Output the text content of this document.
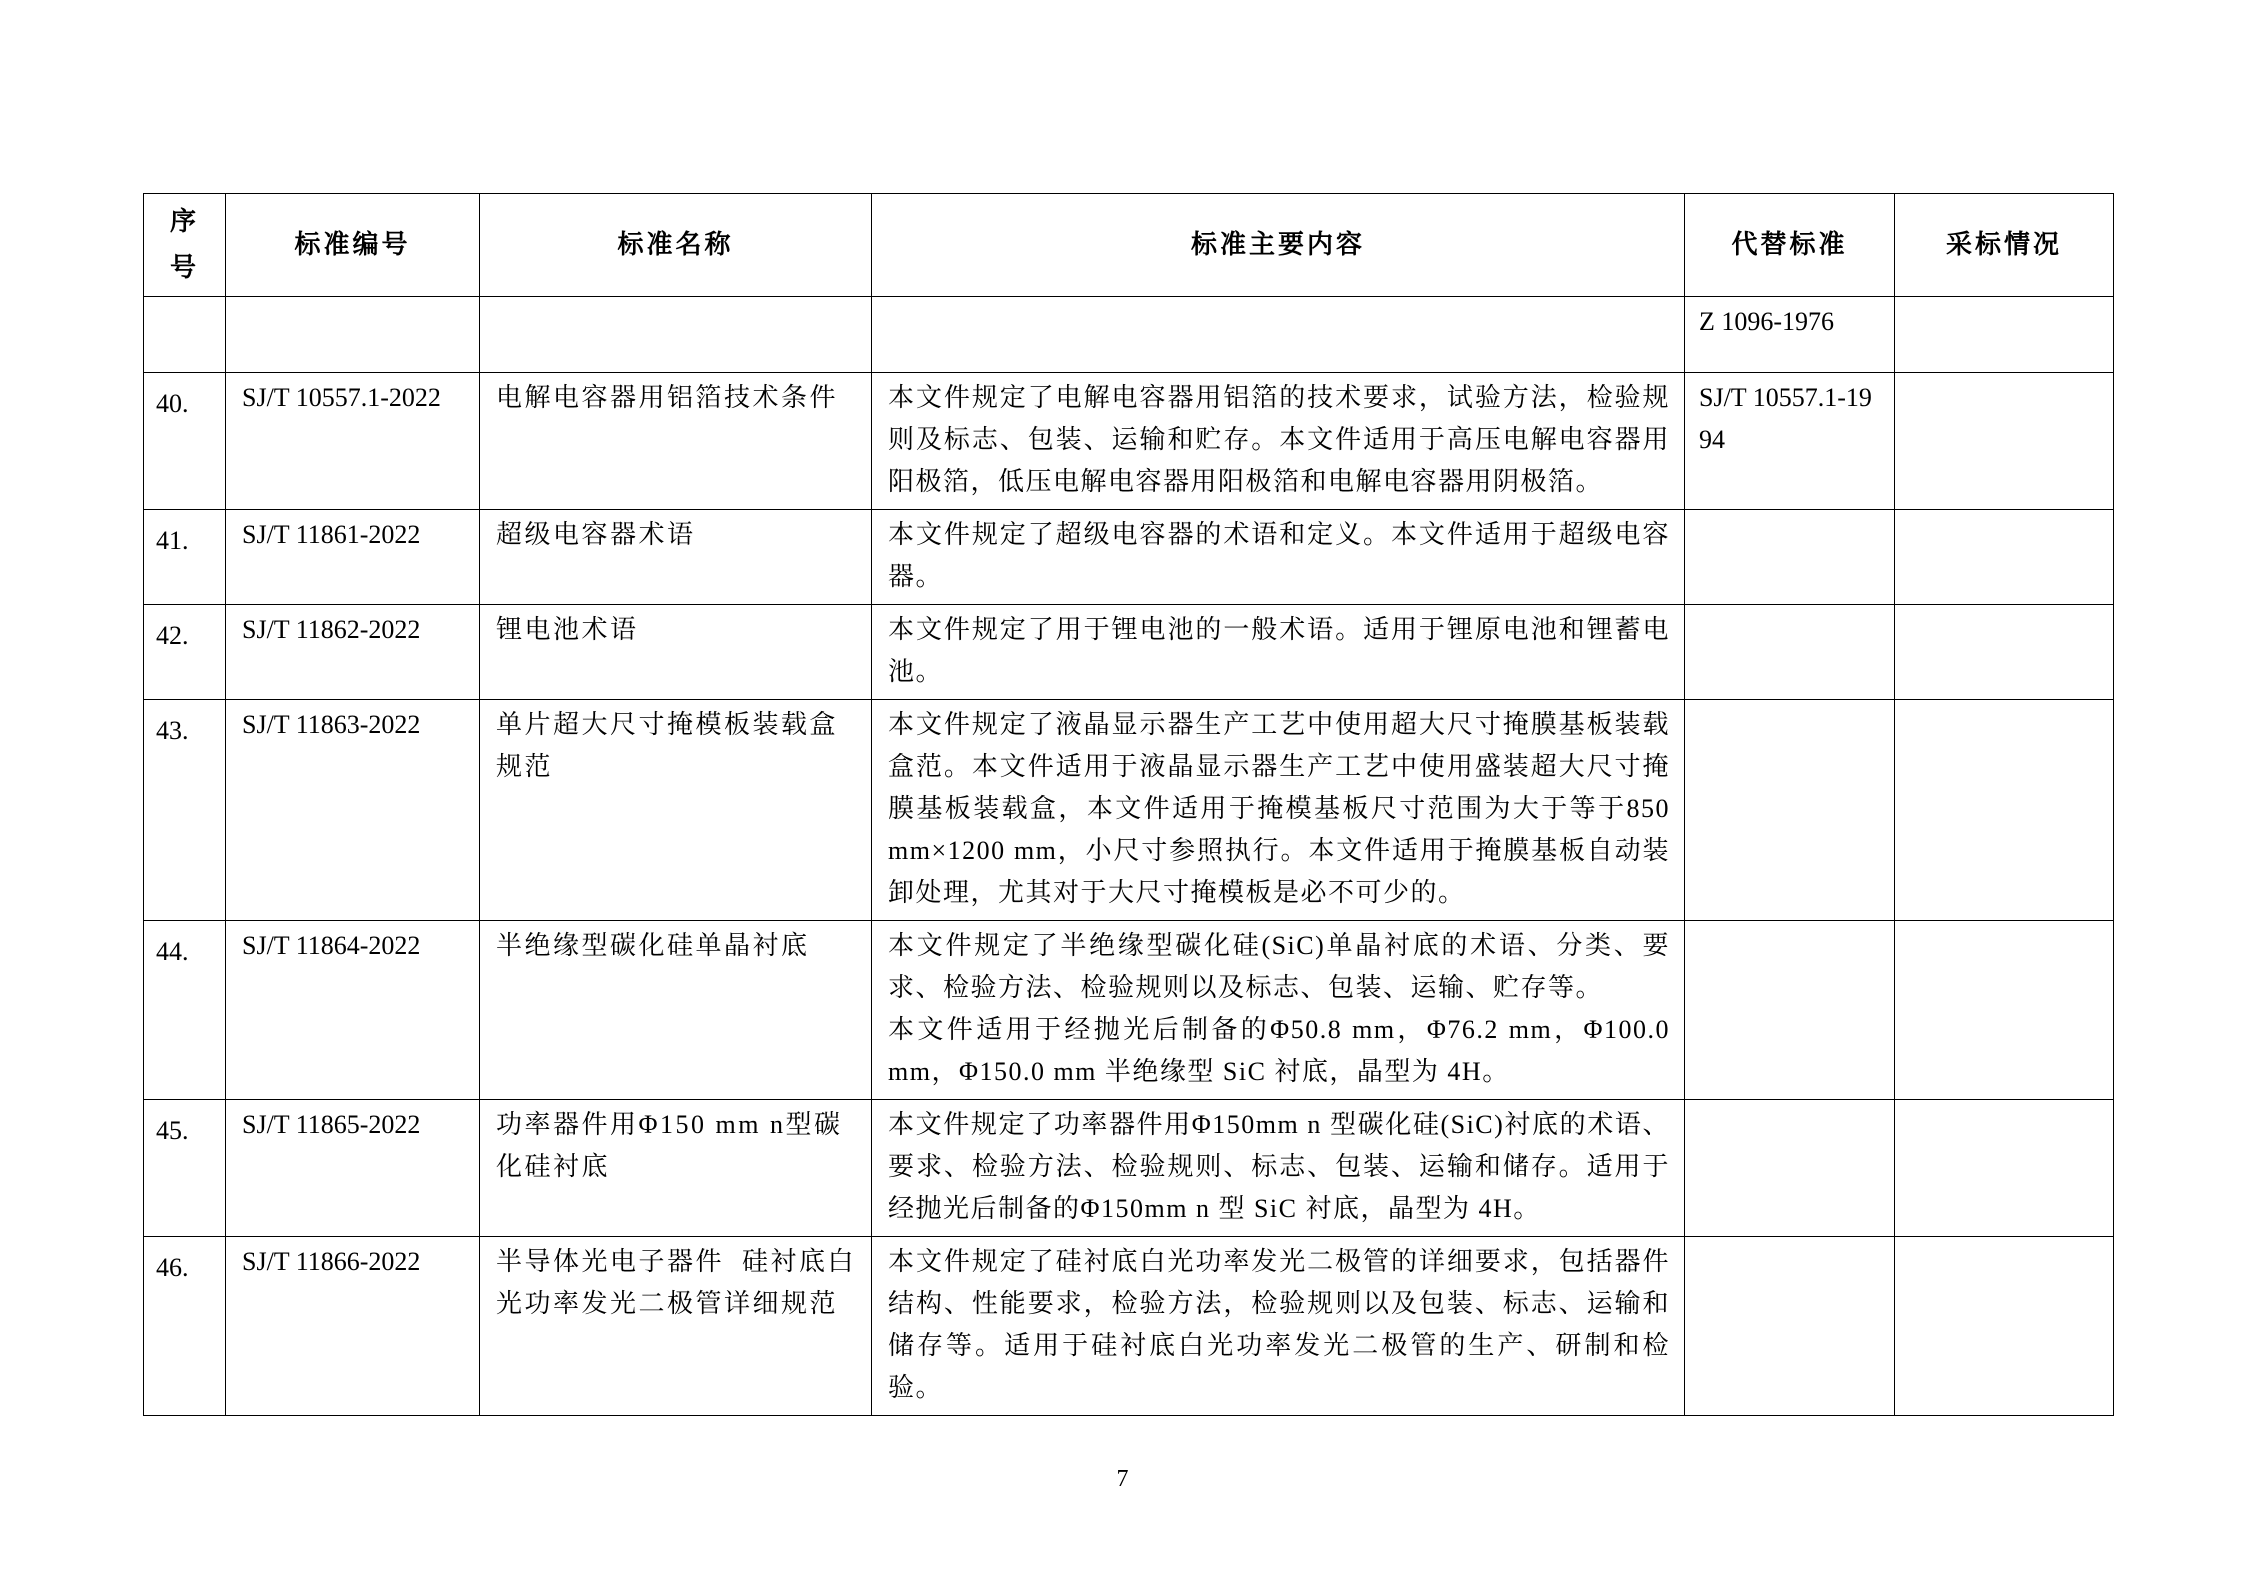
序
号	标准编号	标准名称	标准主要内容	代替标准	采标情况

				Z 1096-1976	

40.	SJ/T 10557.1-2022	电解电容器用铝箔技术条件	本文件规定了电解电容器用铝箔的技术要求，试验方法，检验规则及标志、包装、运输和贮存。本文件适用于高压电解电容器用阳极箔，低压电解电容器用阳极箔和电解电容器用阴极箔。	SJ/T 10557.1-1994	

41.	SJ/T 11861-2022	超级电容器术语	本文件规定了超级电容器的术语和定义。本文件适用于超级电容器。		

42.	SJ/T 11862-2022	锂电池术语	本文件规定了用于锂电池的一般术语。适用于锂原电池和锂蓄电池。		

43.	SJ/T 11863-2022	单片超大尺寸掩模板装载盒规范	本文件规定了液晶显示器生产工艺中使用超大尺寸掩膜基板装载盒范。本文件适用于液晶显示器生产工艺中使用盛装超大尺寸掩膜基板装载盒，本文件适用于掩模基板尺寸范围为大于等于850 mm×1200 mm，小尺寸参照执行。本文件适用于掩膜基板自动装卸处理，尤其对于大尺寸掩模板是必不可少的。		

44.	SJ/T 11864-2022	半绝缘型碳化硅单晶衬底	本文件规定了半绝缘型碳化硅(SiC)单晶衬底的术语、分类、要求、检验方法、检验规则以及标志、包装、运输、贮存等。
本文件适用于经抛光后制备的Φ50.8 mm，Φ76.2 mm，Φ100.0 mm，Φ150.0 mm 半绝缘型 SiC 衬底，晶型为 4H。		

45.	SJ/T 11865-2022	功率器件用Φ150 mm n型碳化硅衬底	本文件规定了功率器件用Φ150mm n 型碳化硅(SiC)衬底的术语、要求、检验方法、检验规则、标志、包装、运输和储存。适用于经抛光后制备的Φ150mm n 型 SiC 衬底，晶型为 4H。		

46.	SJ/T 11866-2022	半导体光电子器件  硅衬底白光功率发光二极管详细规范	本文件规定了硅衬底白光功率发光二极管的详细要求，包括器件结构、性能要求，检验方法，检验规则以及包装、标志、运输和储存等。适用于硅衬底白光功率发光二极管的生产、研制和检验。		

7
